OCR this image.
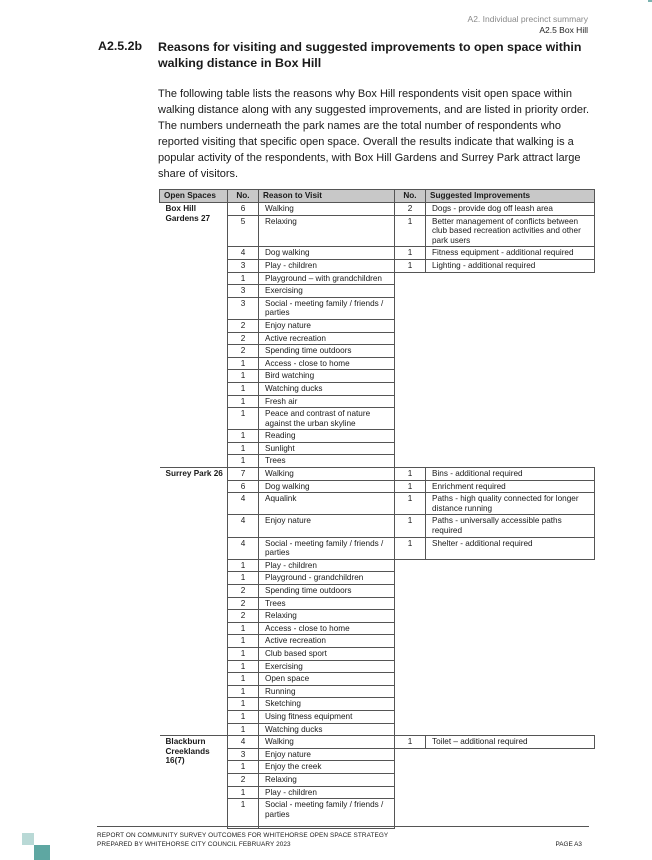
A2. Individual precinct summary
A2.5 Box Hill
A2.5.2b Reasons for visiting and suggested improvements to open space within walking distance in Box Hill

The following table lists the reasons why Box Hill respondents visit open space within walking distance along with any suggested improvements, and are listed in priority order. The numbers underneath the park names are the total number of respondents who reported visiting that specific open space. Overall the results indicate that walking is a popular activity of the respondents, with Box Hill Gardens and Surrey Park attract large share of visitors.

Open Spaces	No.	Reason to Visit	No.	Suggested Improvements
Box Hill Gardens 27	6	Walking	2	Dogs - provide dog off leash area
	5	Relaxing	1	Better management of conflicts between club based recreation activities and other park users
	4	Dog walking	1	Fitness equipment - additional required
	3	Play - children	1	Lighting - additional required
	1	Playground – with grandchildren		
	3	Exercising		
	3	Social - meeting family / friends / parties		
	2	Enjoy nature		
	2	Active recreation		
	2	Spending time outdoors		
	1	Access - close to home		
	1	Bird watching		
	1	Watching ducks		
	1	Fresh air		
	1	Peace and contrast of nature against the urban skyline		
	1	Reading		
	1	Sunlight		
	1	Trees		
Surrey Park 26	7	Walking	1	Bins - additional required
	6	Dog walking	1	Enrichment required
	4	Aqualink	1	Paths - high quality connected for longer distance running
	4	Enjoy nature	1	Paths - universally accessible paths required
	4	Social - meeting family / friends / parties	1	Shelter - additional required
	1	Play - children		
	1	Playground - grandchildren		
	2	Spending time outdoors		
	2	Trees		
	2	Relaxing		
	1	Access - close to home		
	1	Active recreation		
	1	Club based sport		
	1	Exercising		
	1	Open space		
	1	Running		
	1	Sketching		
	1	Using fitness equipment		
	1	Watching ducks		
Blackburn Creeklands 16(7)	4	Walking	1	Toilet – additional required
	3	Enjoy nature		
	1	Enjoy the creek		
	2	Relaxing		
	1	Play - children		
	1	Social - meeting family / friends / parties		

REPORT ON COMMUNITY SURVEY OUTCOMES FOR WHITEHORSE OPEN SPACE STRATEGY
PREPARED BY WHITEHORSE CITY COUNCIL FEBRUARY 2023	PAGE A3
